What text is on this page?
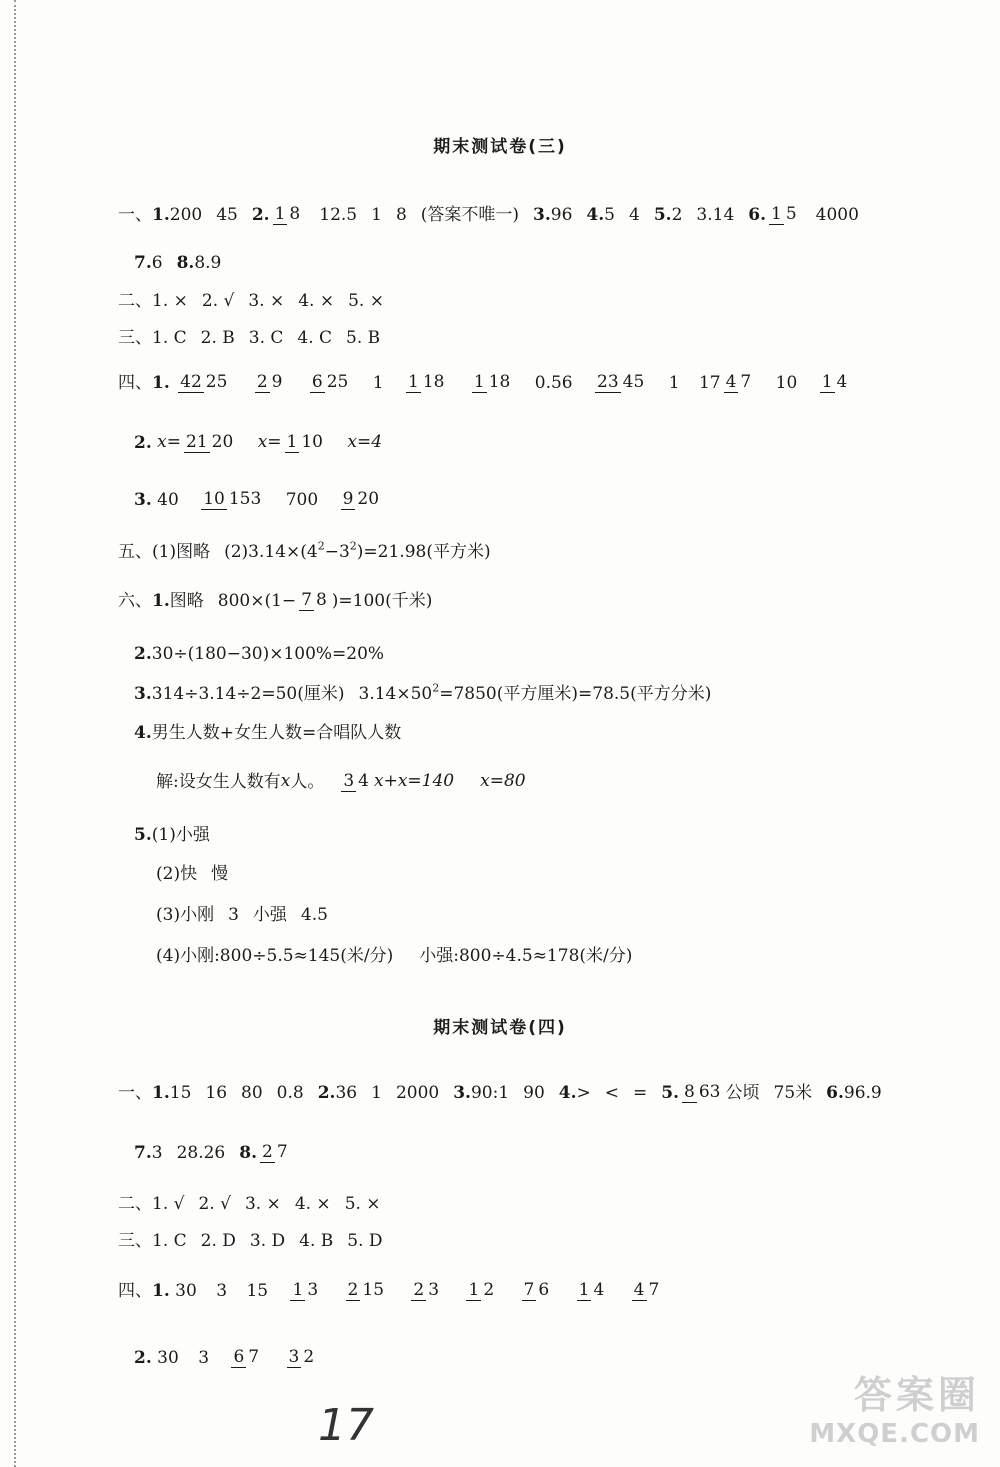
期末测试卷(三)
一、1.200 45 2. 1 8 12.5 1 8 (答案不唯一) 3.96 4.5 4 5.2 3.14 6. 1 5 4000
7.6 8.8.9
二、1. × 2. √ 3. × 4. × 5. ×
三、1. C 2. B 3. C 4. C 5. B
四、1. 42 25 2 9 6 25 1 1 18 1 18 0.56 23 45 1 17 4 7 10 1 4
2. x= 21 20 x= 1 10 x=4
3. 40 10 153 700 9 20
五、(1)图略 $(2)3.14\times(4^2-3^2)=21.98$(平方米)
六、1.图略 800×(1− 7 8 )=100(千米)
2.30÷(180−30)×100%=20%
3.314÷3.14÷2=50(厘米) $3.14\times 50^2=7850$(平方厘米)=78.5(平方分米)
4.男生人数+女生人数=合唱队人数
解:设女生人数有x人。 3 4 x+x=140 x=80
5.(1)小强
(2)快 慢
(3)小刚 3 小强 4.5
(4)小刚:800÷5.5≈145(米/分) 小强:800÷4.5≈178(米/分)
期末测试卷(四)
一、1.15 16 80 0.8 2.36 1 2000 3.90:1 90 4.> < = 5. 8 63 公顷 75米 6.96.9
7.3 28.26 8. 2 7
二、1. √ 2. √ 3. × 4. × 5. ×
三、1. C 2. D 3. D 4. B 5. D
四、1. 30 3 15 1 3 2 15 2 3 1 2 7 6 1 4 4 7
2. 30 3 6 7 3 2
17
答案圈
MXQE.COM
